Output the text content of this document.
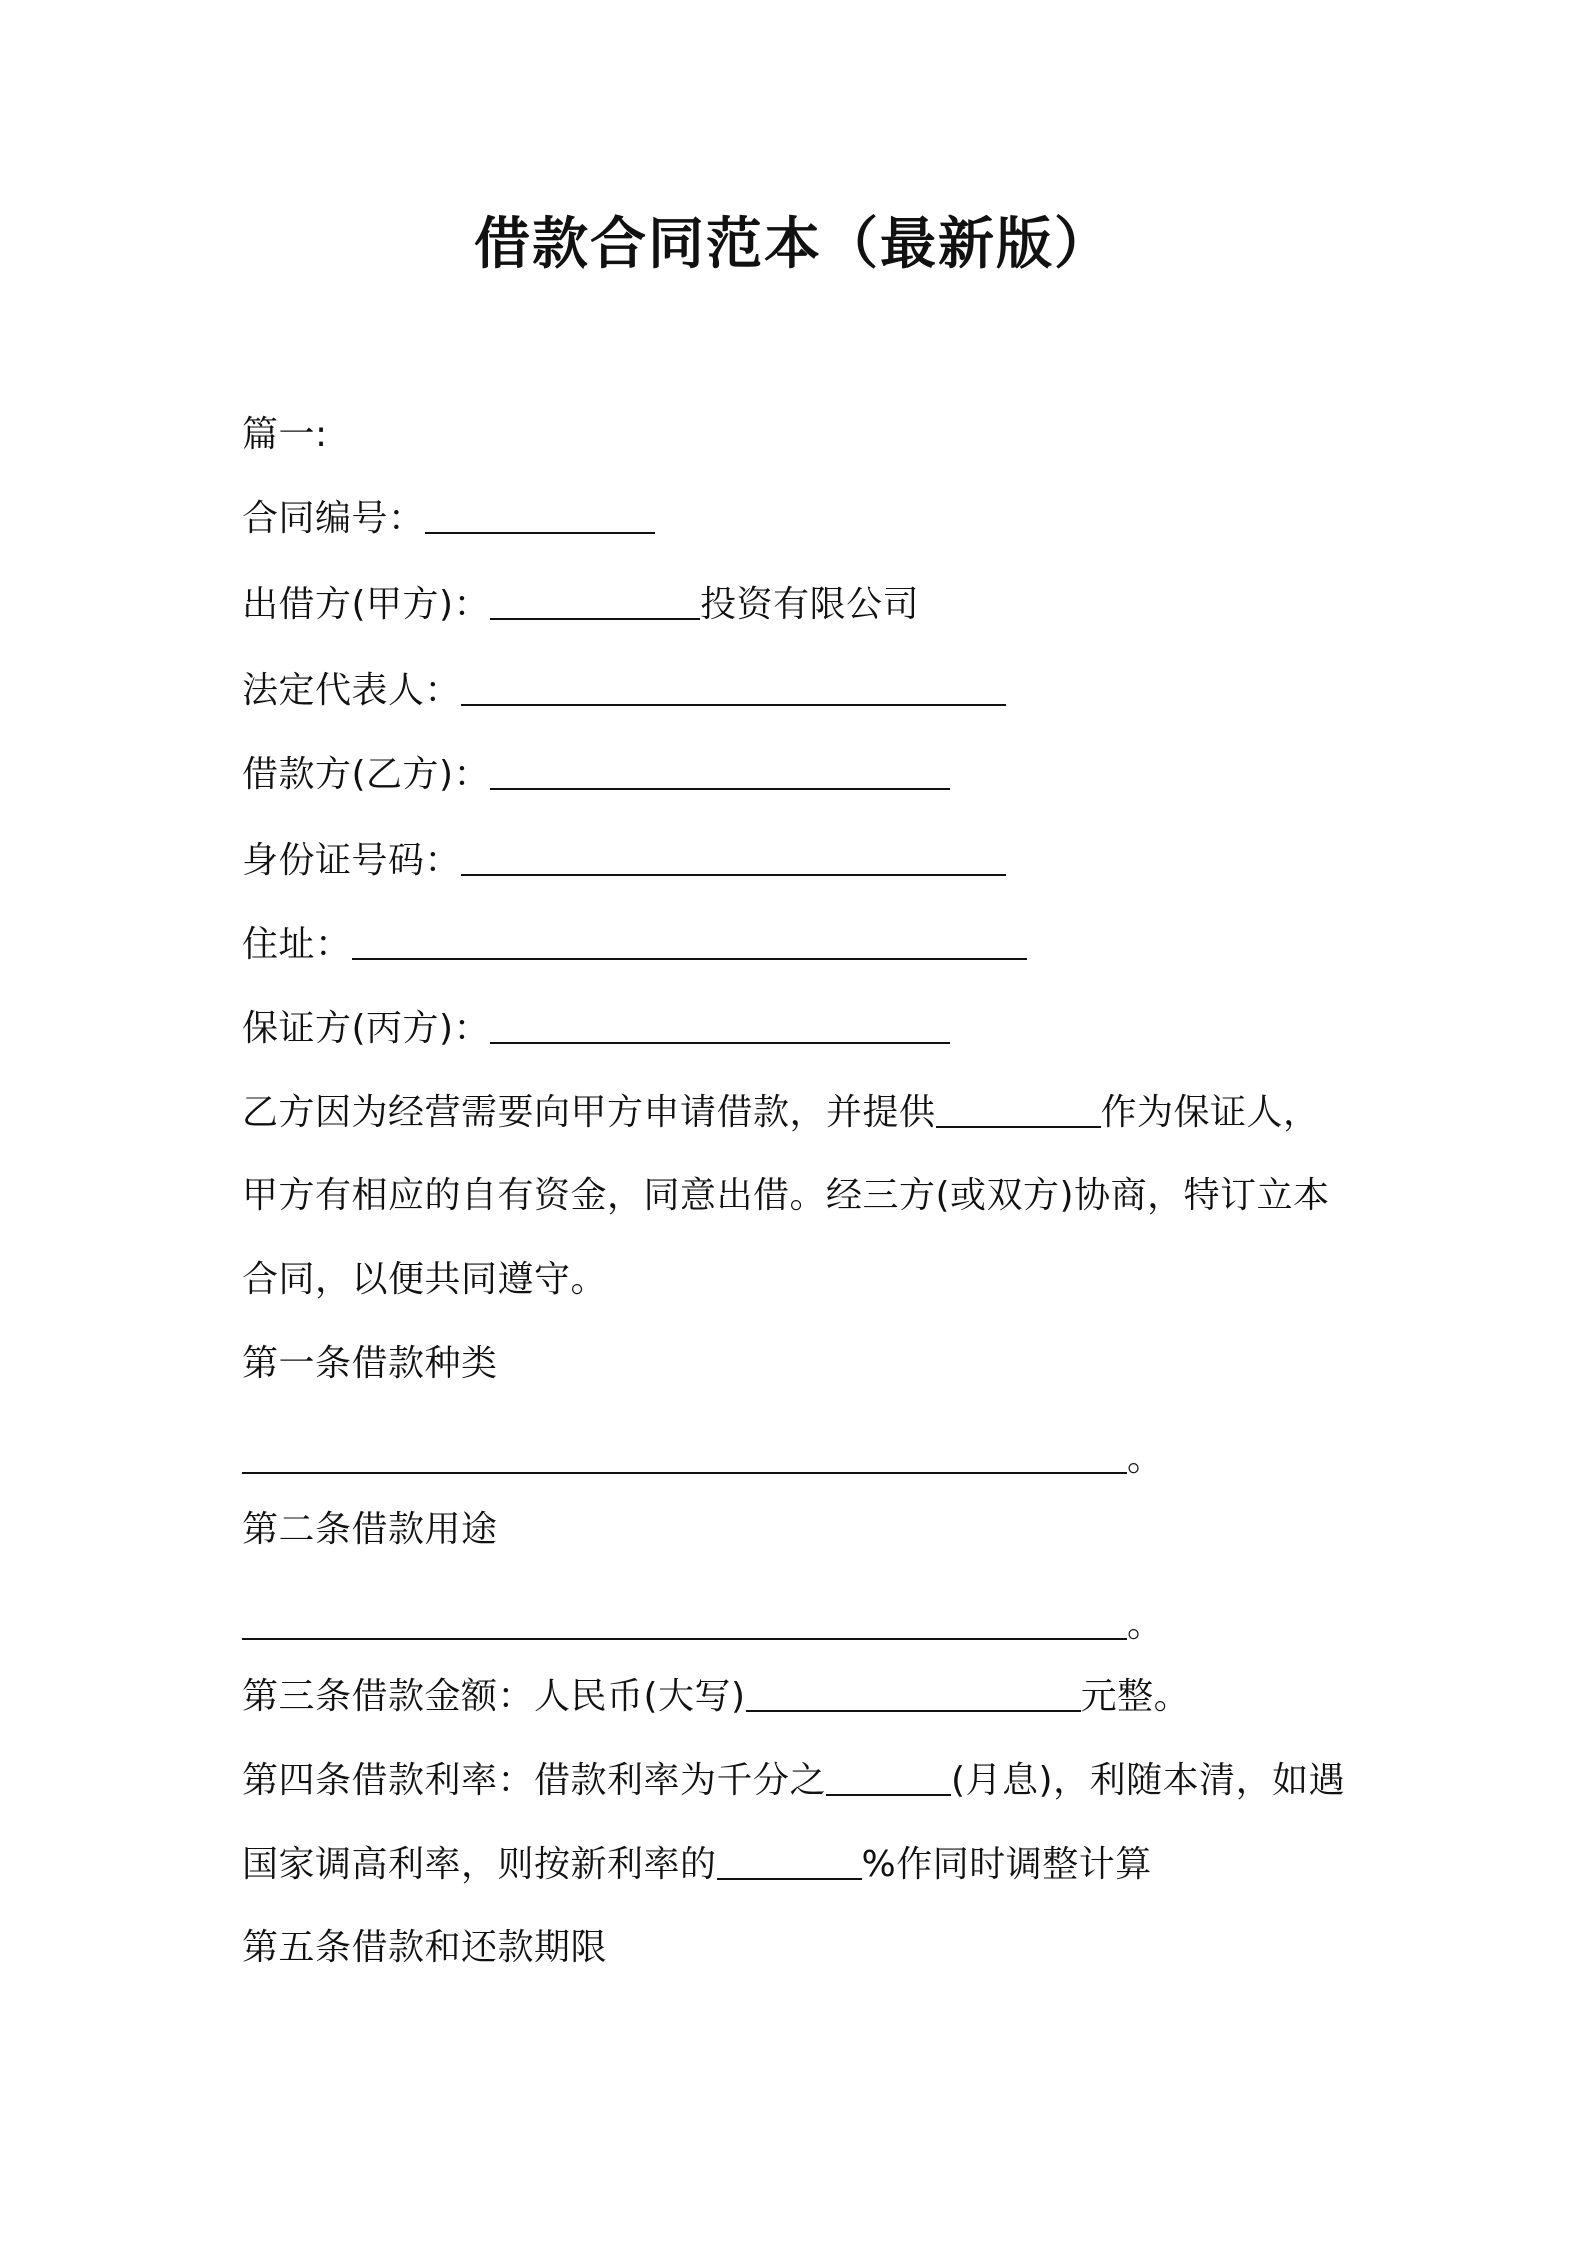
借款合同范本（最新版）
篇一:
合同编号：
出借方(甲方)：	投资有限公司
法定代表人：
借款方(乙方)：
身份证号码：
住址：
保证方(丙方)：
乙方因为经营需要向甲方申请借款，并提供	作为保证人，
甲方有相应的自有资金，同意出借。经三方(或双方)协商，特订立本
合同，以便共同遵守。
第一条借款种类
。
第二条借款用途
。
第三条借款金额：人民币(大写)	元整。
第四条借款利率：借款利率为千分之	(月息)，利随本清，如遇
国家调高利率，则按新利率的	%作同时调整计算
第五条借款和还款期限
